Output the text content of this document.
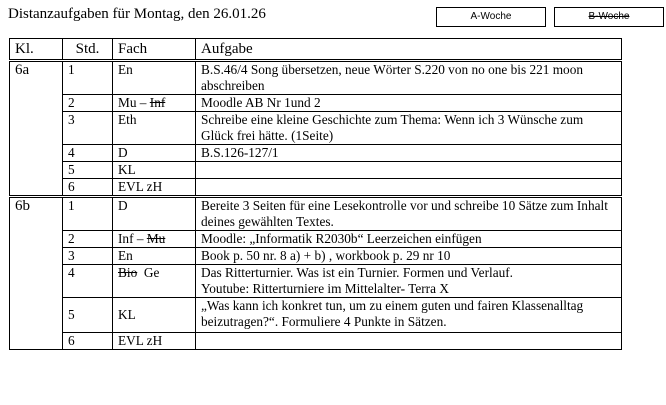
Distanzaufgaben für Montag, den 26.01.26	A-Woche	B-Woche
Kl.	Std.	Fach	Aufgabe
6a	1	En	B.S.46/4 Song übersetzen, neue Wörter S.220 von no one bis 221 moon abschreiben
	2	Mu – Inf	Moodle AB Nr 1und 2
	3	Eth	Schreibe eine kleine Geschichte zum Thema: Wenn ich 3 Wünsche zum Glück frei hätte. (1Seite)
	4	D	B.S.126-127/1
	5	KL	
	6	EVL zH	
6b	1	D	Bereite 3 Seiten für eine Lesekontrolle vor und schreibe 10 Sätze zum Inhalt deines gewählten Textes.
	2	Inf – Mu	Moodle: „Informatik R2030b“ Leerzeichen einfügen
	3	En	Book p. 50 nr. 8 a) + b) , workbook p. 29 nr 10
	4	Bio  Ge	Das Ritterturnier. Was ist ein Turnier. Formen und Verlauf.
Youtube: Ritterturniere im Mittelalter- Terra X

	5	KL	„Was kann ich konkret tun, um zu einem guten und fairen Klassenalltag beizutragen?“. Formuliere 4 Punkte in Sätzen.
	6	EVL zH	
